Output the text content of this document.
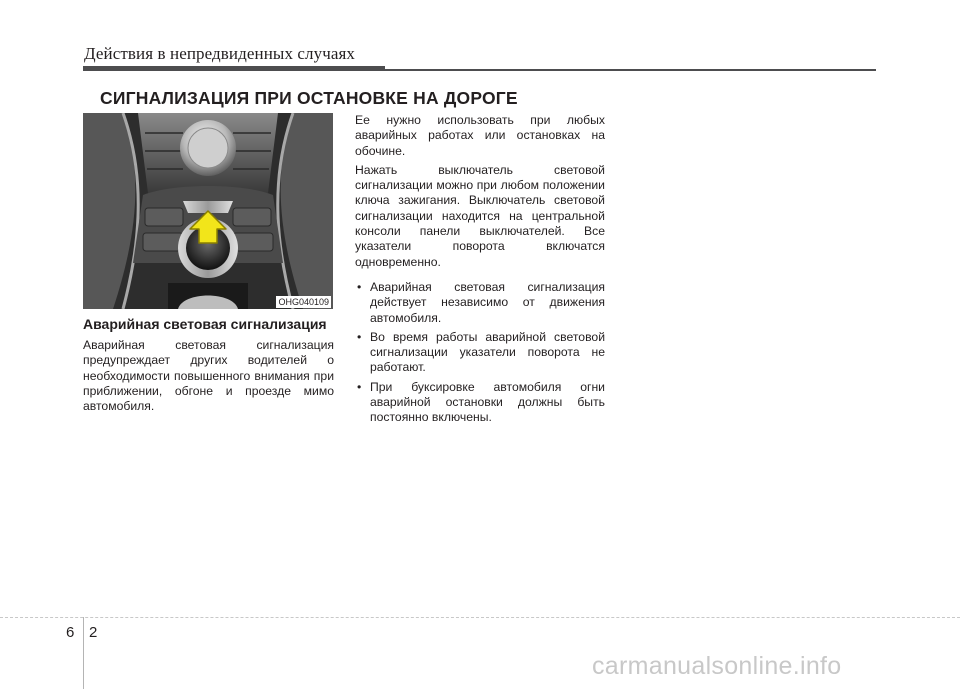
Действия в непредвиденных случаях
СИГНАЛИЗАЦИЯ ПРИ ОСТАНОВКЕ НА ДОРОГЕ
OHG040109
Аварийная световая сигнализация

Аварийная световая сигнализация предупреждает других водителей о необходимости повышенного внимания при приближении, обгоне и проезде мимо автомобиля.

Ее нужно использовать при любых аварийных работах или остановках на обочине.

Нажать выключатель световой сигнализации можно при любом положении ключа зажигания. Выключатель световой сигнализации находится на центральной консоли панели выключателей. Все указатели поворота включатся одновременно.

• Аварийная световая сигнализация действует независимо от движения автомобиля.
• Во время работы аварийной световой сигнализации указатели поворота не работают.
• При буксировке автомобиля огни аварийной остановки должны быть постоянно включены.
6 2
carmanualsonline.info
